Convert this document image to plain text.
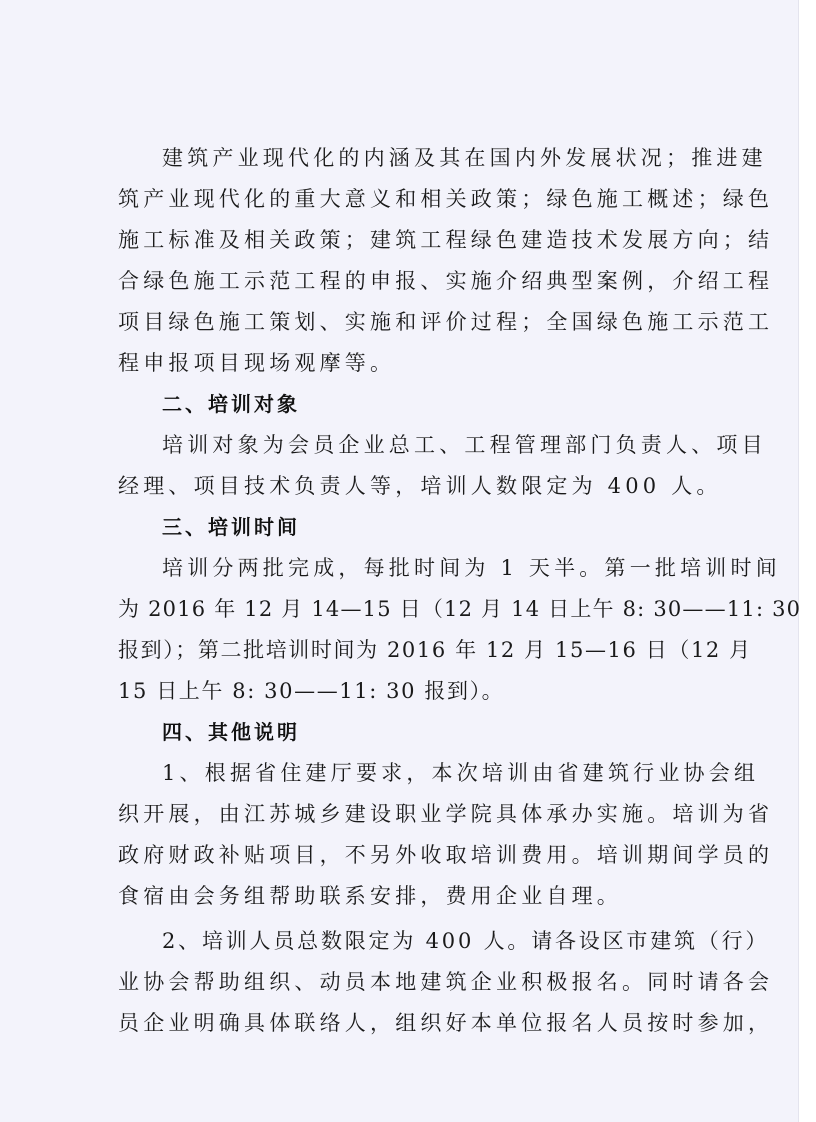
建筑产业现代化的内涵及其在国内外发展状况；推进建
筑产业现代化的重大意义和相关政策；绿色施工概述；绿色
施工标准及相关政策；建筑工程绿色建造技术发展方向；结
合绿色施工示范工程的申报、实施介绍典型案例，介绍工程
项目绿色施工策划、实施和评价过程；全国绿色施工示范工
程申报项目现场观摩等。
二、培训对象
培训对象为会员企业总工、工程管理部门负责人、项目
经理、项目技术负责人等，培训人数限定为 400 人。
三、培训时间
培训分两批完成，每批时间为 1 天半。第一批培训时间
为 2016 年 12 月 14—15 日（12 月 14 日上午 8: 30——11: 30
报到）；第二批培训时间为 2016 年 12 月 15—16 日（12 月
15 日上午 8: 30——11: 30 报到）。
四、其他说明
1、根据省住建厅要求，本次培训由省建筑行业协会组
织开展，由江苏城乡建设职业学院具体承办实施。培训为省
政府财政补贴项目，不另外收取培训费用。培训期间学员的
食宿由会务组帮助联系安排，费用企业自理。
2、培训人员总数限定为 400 人。请各设区市建筑（行）
业协会帮助组织、动员本地建筑企业积极报名。同时请各会
员企业明确具体联络人，组织好本单位报名人员按时参加，
